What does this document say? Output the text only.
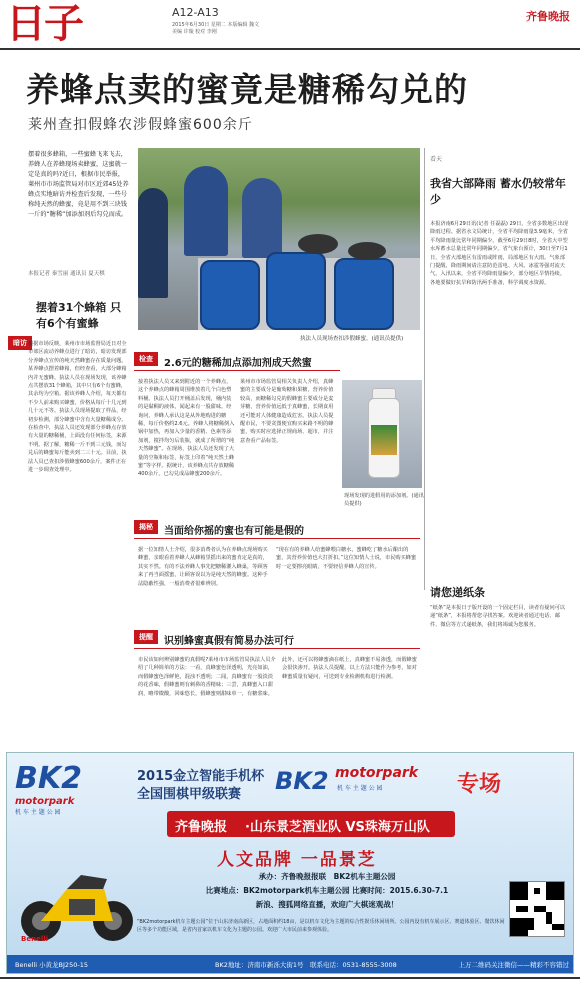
日子	A12-A13
2015年6月30日 星期二 本版编辑 魏文 美编 许璇 校对 李刚
齐鲁晚报
养蜂点卖的蜜竟是糖稀勾兑的
莱州查扣假蜂农涉假蜂蜜600余斤
摆着很多蜂箱，一些蜜蜂飞来飞去，养蜂人在养蜂现场卖蜂蜜，这蜜就一定是真的吗?近日，根据市民举报，莱州市市场监管局对市区近郊45处养蜂点实地暗访并检查后发现，一些号称纯天然的蜂蜜，竟是用不到三块钱一斤的“糖稀”加添加剂后勾兑而成。
本报记者 秦雪丽 通讯员 夏天棋
执法人员现场查扣涉假蜂蜜。(通讯员提供)
看天
我省大部降雨 蓄水仍较常年少
本报济南6月29日讯(记者 任磊磊) 29日，全省多数地区出现降雨过程。据省水文局统计，全省平均降雨量3.9毫米，全省平均降雨量比常年同期偏少。截至6月29日8时，全省大中型水库蓄水总量比常年同期偏少。省气象台预计，30日至7月1日，全省大部地区有雷雨或阵雨，局部地区有大雨。气象部门提醒，降雨期间请注意防范雷电、大风、冰雹等强对流天气。入汛以来，全省平均降雨量偏少，部分地区旱情持续。各地要做好抗旱和防汛两手准备，科学调度水资源。
请您递纸条
“纸条”是本报日子版开设的一个固定栏目，读者有疑问可以递“纸条”，本报将帮您寻找答案。欢迎读者通过电话、邮件、微信等方式递纸条，我们将竭诚为您服务。
暗访
摆着31个蜂箱 只有6个有蜜蜂
根据市场反映，莱州市市场监督局近日对全市郊区流动养蜂点进行了暗访，暗访发现部分养蜂点宣传的纯天然蜂蜜存在质量问题。某养蜂点摆着蜂箱，但经查看，大部分蜂箱内并无蜜蜂。执法人员在现场发现，该养蜂点共摆放31个蜂箱，其中只有6个有蜜蜂，其余均为空箱。据该养蜂人介绍，每天都有不少人前来购买蜂蜜，价格从每斤十几元到几十元不等。执法人员现场提取了样品，经初步检测，部分蜂蜜中含有大量糖稀成分。在检查中，执法人员还发现部分养蜂点存放有大量的糖稀桶，上面没有任何标签，来源不明。据了解，糖稀一斤不到三元钱，而勾兑后的蜂蜜每斤能卖到二三十元。目前，执法人员已查扣涉假蜂蜜600余斤，案件正在进一步调查处理中。
检查	2.6元的糖稀加点添加剂成天然蜜
接着执法人员又来到附近的一个养蜂点，这个养蜂点的蜂箱周围堆放着几个白色塑料桶。执法人员打开桶盖后发现，桶内装的是黏稠的液体，闻起来有一股甜味。经询问，养蜂人承认这是从外地购进的糖稀，每斤价格约2.6元。养蜂人将糖稀倒入锅中加热，再加入少量的香精、色素等添加剂，搅拌均匀后装瓶，就成了所谓的“纯天然蜂蜜”。在现场，执法人员还发现了大量的空瓶和标签，标签上印着“纯天然土蜂蜜”等字样。据统计，该养蜂点共存放糖稀400余斤，已勾兑成品蜂蜜200余斤。
莱州市市场监管局相关负责人介绍，真蜂蜜的主要成分是葡萄糖和果糖，营养价值较高，而糖稀勾兑的假蜂蜜主要成分是麦芽糖，营养价值远低于真蜂蜜，长期食用还可能对人体健康造成危害。执法人员提醒市民，不要贪图便宜购买来路不明的蜂蜜，购买时应选择正规商场、超市，并注意查看产品标签。
现场发现的进假用的添加剂。(通讯员提供)
揭秘	当面给你摇的蜜也有可能是假的
据一位知情人士介绍，很多消费者认为在养蜂点现场购买蜂蜜，亲眼看着养蜂人从蜂箱里摇出来的蜜肯定是真的，其实不然。有的不法养蜂人事先把糖稀灌入蜂巢，等顾客来了再当面摇蜜，让顾客误以为是纯天然的蜂蜜。这种手法隐蔽性强，一般消费者很难辨别。
“现在有的养蜂人给蜜蜂喂白糖水，蜜蜂吃了糖水后酿出的蜜，其营养价值也大打折扣。”这位知情人士说，市民购买蜂蜜时一定要擦亮眼睛，不要轻信养蜂人的宣传。
提醒	识别蜂蜜真假有简易办法可行
市民该如何辨别蜂蜜的真假呢?莱州市市场监管局执法人员介绍了几种简单的方法：一看，真蜂蜜色泽透明，光亮如油，而假蜂蜜色泽鲜艳，混浊不透明；二闻，真蜂蜜有一股淡淡的花香味，假蜂蜜则有刺鼻的香精味；三尝，真蜂蜜入口甜润，略带微酸，回味悠长，假蜂蜜则甜味单一，有糖浆味。
此外，还可以将蜂蜜滴在纸上，真蜂蜜不易渗透，而假蜂蜜会很快渗开。执法人员提醒，以上方法只能作为参考，如对蜂蜜质量有疑问，可送到专业检测机构进行检测。
BK2
motorpark
机 车 主 题 公 园
2015金立智能手机杯
全国围棋甲级联赛 BK2 motorpark
机 车 主 题 公 园	专场
齐鲁晚报 ·山东景芝酒业队 VS珠海万山队
人文品牌 一品景芝
承办：齐鲁晚报报联　BK2机车主题公园
比赛地点：BK2motorpark机车主题公园 比赛时间：2015.6.30-7.1
新浪、搜狐网络直播，欢迎广大棋迷观战！
“BK2motorpark机车主题公园”位于山东济南高新区，占地面积约18亩，是以机车文化为主题的综合性娱乐休闲场所。公园内设有机车展示区、赛道体验区、餐饮休闲区等多个功能区域，是省内首家以机车文化为主题的公园。欢迎广大市民前来参观体验。
Benelli
Benelli 小黄龙BJ250-15	BK2地址：济南市新泺大街1号　联系电话：0531-8555-3008	上万二维码关注微信——精彩不容错过
